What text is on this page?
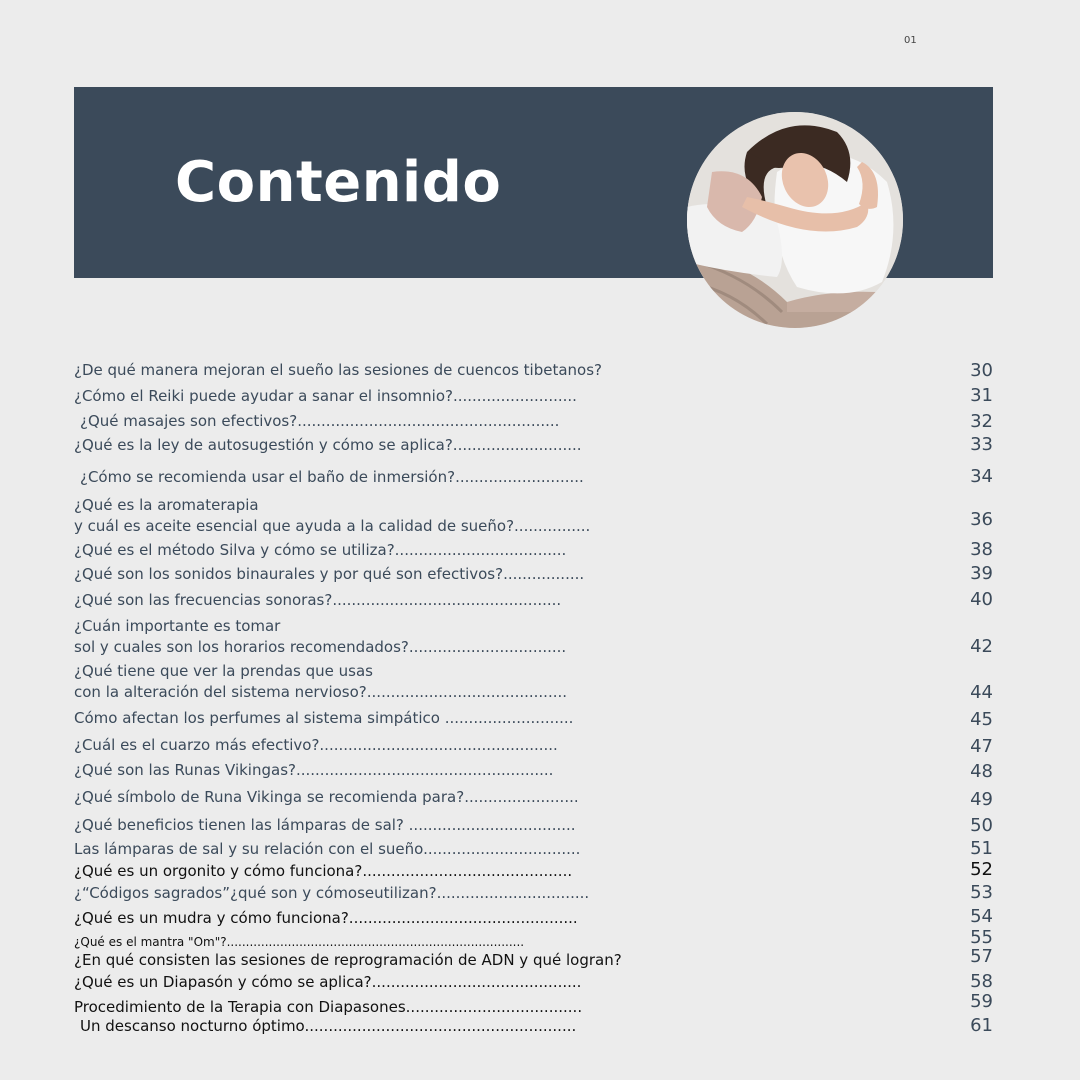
01
Contenido
¿De qué manera mejoran el sueño las sesiones de cuencos tibetanos?	30
¿Cómo el Reiki puede ayudar a sanar el insomnio?..........................	31
¿Qué masajes son efectivos?.......................................................	32
¿Qué es la ley de autosugestión y cómo se aplica?...........................	33
¿Cómo se recomienda usar el baño de inmersión?...........................	34
¿Qué es la aromaterapia
y cuál es aceite esencial que ayuda a la calidad de sueño?................	36
¿Qué es el método Silva y cómo se utiliza?....................................	38
¿Qué son los sonidos binaurales y por qué son efectivos?.................	39
¿Qué son las frecuencias sonoras?................................................	40
¿Cuán importante es tomar
sol y cuales son los horarios recomendados?.................................	42
¿Qué tiene que ver la prendas que usas
con la alteración del sistema nervioso?..........................................	44
Cómo afectan los perfumes al sistema simpático ...........................	45
¿Cuál es el cuarzo más efectivo?..................................................	47
¿Qué son las Runas Vikingas?......................................................	48
¿Qué símbolo de Runa Vikinga se recomienda para?........................	49
¿Qué beneficios tienen las lámparas de sal? ...................................	50
Las lámparas de sal y su relación con el sueño.................................	51
¿Qué es un orgonito y cómo funciona?............................................	52
¿“Códigos sagrados”¿qué son y cómoseutilizan?................................	53
¿Qué es un mudra y cómo funciona?................................................	54
¿Qué es el mantra "Om"?..............................................................................	55
¿En qué consisten las sesiones de reprogramación de ADN y qué logran?	57
¿Qué es un Diapasón y cómo se aplica?............................................	58
Procedimiento de la Terapia con Diapasones.....................................	59
Un descanso nocturno óptimo.........................................................	61
